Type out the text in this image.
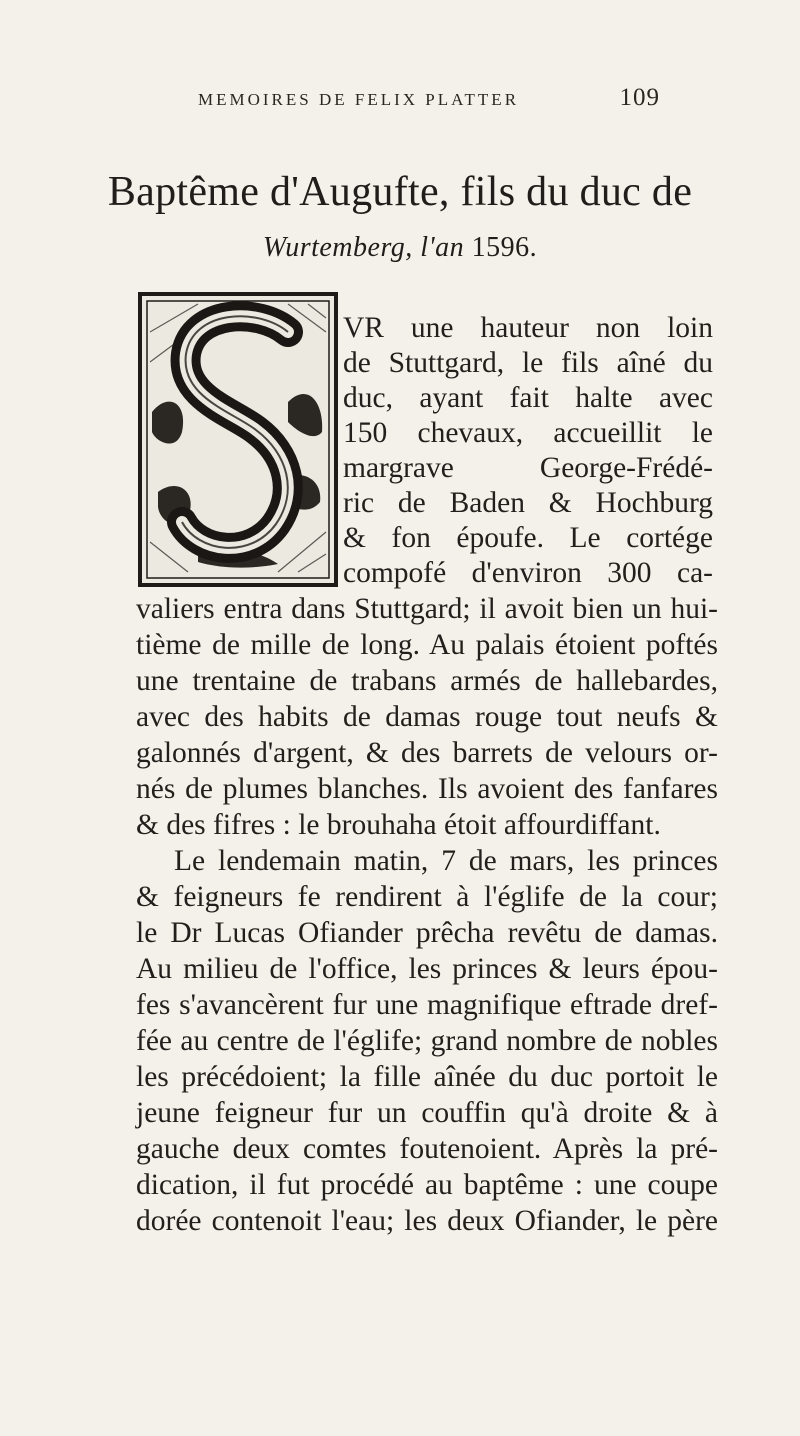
MEMOIRES DE FELIX PLATTER	109
Baptême d'Augufte, fils du duc de
Wurtemberg, l'an 1596.
VR une hauteur non loin
de Stuttgard, le fils aîné du
duc, ayant fait halte avec
150 chevaux, accueillit le
margrave George-Frédé-
ric de Baden & Hochburg
& fon époufe. Le cortége
compofé d'environ 300 ca-
valiers entra dans Stuttgard; il avoit bien un hui-
tième de mille de long. Au palais étoient poftés
une trentaine de trabans armés de hallebardes,
avec des habits de damas rouge tout neufs &
galonnés d'argent, & des barrets de velours or-
nés de plumes blanches. Ils avoient des fanfares
& des fifres : le brouhaha étoit affourdiffant.
Le lendemain matin, 7 de mars, les princes
& feigneurs fe rendirent à l'églife de la cour;
le Dr Lucas Ofiander prêcha revêtu de damas.
Au milieu de l'office, les princes & leurs épou-
fes s'avancèrent fur une magnifique eftrade dref-
fée au centre de l'églife; grand nombre de nobles
les précédoient; la fille aînée du duc portoit le
jeune feigneur fur un couffin qu'à droite & à
gauche deux comtes foutenoient. Après la pré-
dication, il fut procédé au baptême : une coupe
dorée contenoit l'eau; les deux Ofiander, le père
